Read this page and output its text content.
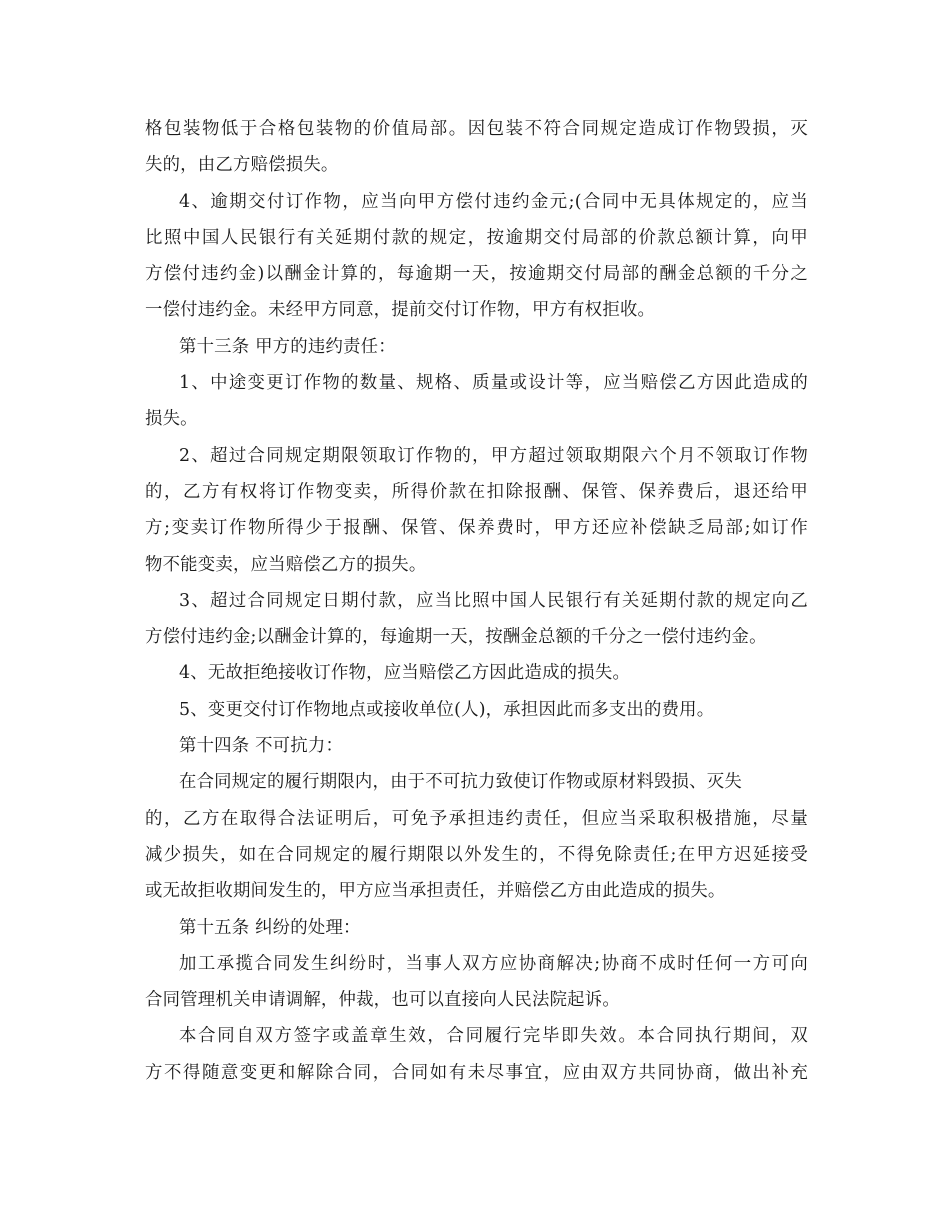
格包装物低于合格包装物的价值局部。因包装不符合同规定造成订作物毁损，灭
失的，由乙方赔偿损失。
4、逾期交付订作物，应当向甲方偿付违约金元;(合同中无具体规定的，应当
比照中国人民银行有关延期付款的规定，按逾期交付局部的价款总额计算，向甲
方偿付违约金)以酬金计算的，每逾期一天，按逾期交付局部的酬金总额的千分之
一偿付违约金。未经甲方同意，提前交付订作物，甲方有权拒收。
第十三条 甲方的违约责任：
1、中途变更订作物的数量、规格、质量或设计等，应当赔偿乙方因此造成的
损失。
2、超过合同规定期限领取订作物的，甲方超过领取期限六个月不领取订作物
的，乙方有权将订作物变卖，所得价款在扣除报酬、保管、保养费后，退还给甲
方;变卖订作物所得少于报酬、保管、保养费时，甲方还应补偿缺乏局部;如订作
物不能变卖，应当赔偿乙方的损失。
3、超过合同规定日期付款，应当比照中国人民银行有关延期付款的规定向乙
方偿付违约金;以酬金计算的，每逾期一天，按酬金总额的千分之一偿付违约金。
4、无故拒绝接收订作物，应当赔偿乙方因此造成的损失。
5、变更交付订作物地点或接收单位(人)，承担因此而多支出的费用。
第十四条 不可抗力：
在合同规定的履行期限内，由于不可抗力致使订作物或原材料毁损、灭失
的，乙方在取得合法证明后，可免予承担违约责任，但应当采取积极措施，尽量
减少损失，如在合同规定的履行期限以外发生的，不得免除责任;在甲方迟延接受
或无故拒收期间发生的，甲方应当承担责任，并赔偿乙方由此造成的损失。
第十五条 纠纷的处理：
加工承揽合同发生纠纷时，当事人双方应协商解决;协商不成时任何一方可向
合同管理机关申请调解，仲裁，也可以直接向人民法院起诉。
本合同自双方签字或盖章生效，合同履行完毕即失效。本合同执行期间，双
方不得随意变更和解除合同，合同如有未尽事宜，应由双方共同协商，做出补充
